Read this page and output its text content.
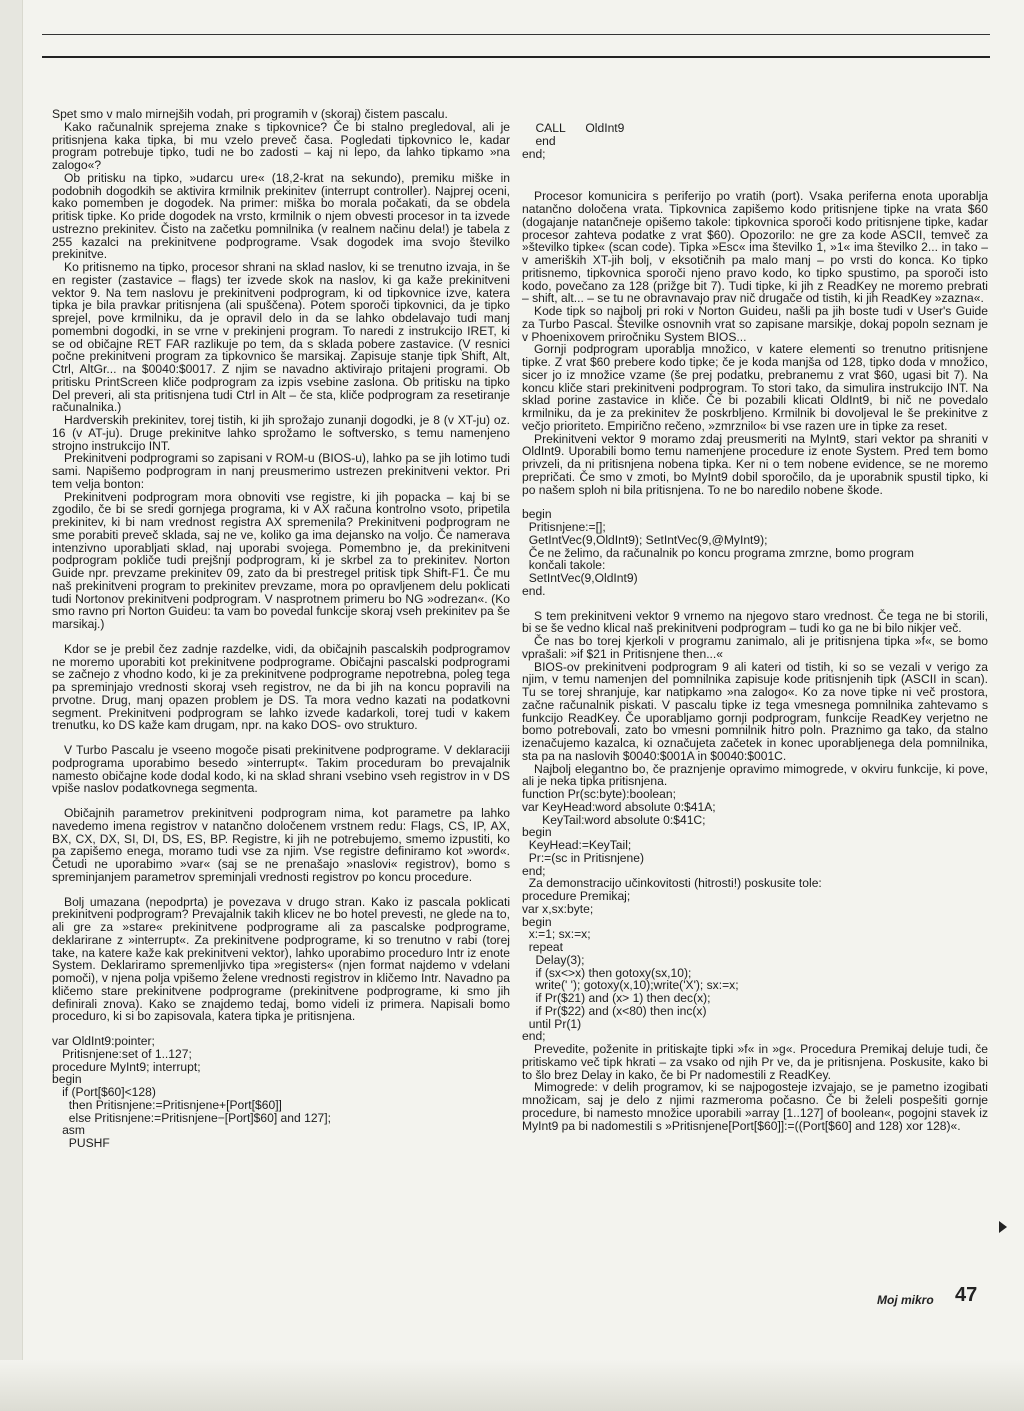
Spet smo v malo mirnejših vodah, pri programih v (skoraj) čistem pascalu.

Kako računalnik sprejema znake s tipkovnice? Če bi stalno pregledoval, ali je pritisnjena kaka tipka, bi mu vzelo preveč časa. Pogledati tipkovnico le, kadar program potrebuje tipko, tudi ne bo zadosti – kaj ni lepo, da lahko tipkamo »na zalogo«?

Ob pritisku na tipko, »udarcu ure« (18,2-krat na sekundo), premiku miške in podobnih dogodkih se aktivira krmilnik prekinitev (interrupt controller). Najprej oceni, kako pomemben je dogodek. Na primer: miška bo morala počakati, da se obdela pritisk tipke. Ko pride dogodek na vrsto, krmilnik o njem obvesti procesor in ta izvede ustrezno prekinitev. Čisto na začetku pomnilnika (v realnem načinu dela!) je tabela z 255 kazalci na prekinitvene podprograme. Vsak dogodek ima svojo številko prekinitve.

Ko pritisnemo na tipko, procesor shrani na sklad naslov, ki se trenutno izvaja, in še en register (zastavice – flags) ter izvede skok na naslov, ki ga kaže prekinitveni vektor 9. Na tem naslovu je prekinitveni podprogram, ki od tipkovnice izve, katera tipka je bila pravkar pritisnjena (ali spuščena). Potem sporoči tipkovnici, da je tipko sprejel, pove krmilniku, da je opravil delo in da se lahko obdelavajo tudi manj pomembni dogodki, in se vrne v prekinjeni program. To naredi z instrukcijo IRET, ki se od običajne RET FAR razlikuje po tem, da s sklada pobere zastavice. (V resnici počne prekinitveni program za tipkovnico še marsikaj. Zapisuje stanje tipk Shift, Alt, Ctrl, AltGr... na $0040:$0017. Z njim se navadno aktivirajo pritajeni programi. Ob pritisku PrintScreen kliče podprogram za izpis vsebine zaslona. Ob pritisku na tipko Del preveri, ali sta pritisnjena tudi Ctrl in Alt – če sta, kliče podprogram za resetiranje računalnika.)

Hardverskih prekinitev, torej tistih, ki jih sprožajo zunanji dogodki, je 8 (v XT-ju) oz. 16 (v AT-ju). Druge prekinitve lahko sprožamo le softversko, s temu namenjeno strojno instrukcijo INT.

Prekinitveni podprogrami so zapisani v ROM-u (BIOS-u), lahko pa se jih lotimo tudi sami. Napišemo podprogram in nanj preusmerimo ustrezen prekinitveni vektor. Pri tem velja bonton:

Prekinitveni podprogram mora obnoviti vse registre, ki jih popacka – kaj bi se zgodilo, če bi se sredi gornjega programa, ki v AX računa kontrolno vsoto, pripetila prekinitev, ki bi nam vrednost registra AX spremenila? Prekinitveni podprogram ne sme porabiti preveč sklada, saj ne ve, koliko ga ima dejansko na voljo. Če namerava intenzivno uporabljati sklad, naj uporabi svojega. Pomembno je, da prekinitveni podprogram pokliče tudi prejšnji podprogram, ki je skrbel za to prekinitev. Norton Guide npr. prevzame prekinitev 09, zato da bi prestregel pritisk tipk Shift-F1. Če mu naš prekinitveni program to prekinitev prevzame, mora po opravljenem delu poklicati tudi Nortonov prekinitveni podprogram. V nasprotnem primeru bo NG »odrezan«. (Ko smo ravno pri Norton Guideu: ta vam bo povedal funkcije skoraj vseh prekinitev pa še marsikaj.)

Kdor se je prebil čez zadnje razdelke, vidi, da običajnih pascalskih podprogramov ne moremo uporabiti kot prekinitvene podprograme. Običajni pascalski podprogrami se začnejo z vhodno kodo, ki je za prekinitvene podprograme nepotrebna, poleg tega pa spreminjajo vrednosti skoraj vseh registrov, ne da bi jih na koncu popravili na prvotne. Drug, manj opazen problem je DS. Ta mora vedno kazati na podatkovni segment. Prekinitveni podprogram se lahko izvede kadarkoli, torej tudi v kakem trenutku, ko DS kaže kam drugam, npr. na kako DOS- ovo strukturo.

V Turbo Pascalu je vseeno mogoče pisati prekinitvene podprograme. V deklaraciji podprograma uporabimo besedo »interrupt«. Takim proceduram bo prevajalnik namesto običajne kode dodal kodo, ki na sklad shrani vsebino vseh registrov in v DS vpiše naslov podatkovnega segmenta.

Običajnih parametrov prekinitveni podprogram nima, kot parametre pa lahko navedemo imena registrov v natančno določenem vrstnem redu: Flags, CS, IP, AX, BX, CX, DX, SI, DI, DS, ES, BP. Registre, ki jih ne potrebujemo, smemo izpustiti, ko pa zapišemo enega, moramo tudi vse za njim. Vse registre definiramo kot »word«. Četudi ne uporabimo »var« (saj se ne prenašajo »naslovi« registrov), bomo s spreminjanjem parametrov spreminjali vrednosti registrov po koncu procedure.

Bolj umazana (nepodprta) je povezava v drugo stran. Kako iz pascala poklicati prekinitveni podprogram? Prevajalnik takih klicev ne bo hotel prevesti, ne glede na to, ali gre za »stare« prekinitvene podprograme ali za pascalske podprograme, deklarirane z »interrupt«. Za prekinitvene podprograme, ki so trenutno v rabi (torej take, na katere kaže kak prekinitveni vektor), lahko uporabimo proceduro Intr iz enote System. Deklariramo spremenljivko tipa »registers« (njen format najdemo v vdelani pomoči), v njena polja vpišemo želene vrednosti registrov in kličemo Intr. Navadno pa kličemo stare prekinitvene podprograme (prekinitvene podprograme, ki smo jih definirali znova). Kako se znajdemo tedaj, bomo videli iz primera. Napisali bomo proceduro, ki si bo zapisovala, katera tipka je pritisnjena.

var OldInt9:pointer;
Pritisnjene:set of 1..127;
procedure MyInt9; interrupt;
begin
if (Port[$60]<128)
then Pritisnjene:=Pritisnjene+[Port[$60]]
else Pritisnjene:=Pritisnjene−[Port]$60] and 127];
asm
PUSHF
CALL      OldInt9
end
end;

Procesor komunicira s periferijo po vratih (port). Vsaka periferna enota uporablja natančno določena vrata. Tipkovnica zapišemo kodo pritisnjene tipke na vrata $60 (dogajanje natančneje opišemo takole: tipkovnica sporoči kodo pritisnjene tipke, kadar procesor zahteva podatke z vrat $60). Opozorilo: ne gre za kode ASCII, temveč za »številko tipke« (scan code). Tipka »Esc« ima številko 1, »1« ima številko 2... in tako – v ameriških XT-jih bolj, v eksotičnih pa malo manj – po vrsti do konca. Ko tipko pritisnemo, tipkovnica sporoči njeno pravo kodo, ko tipko spustimo, pa sporoči isto kodo, povečano za 128 (prižge bit 7). Tudi tipke, ki jih z ReadKey ne moremo prebrati – shift, alt... – se tu ne obravnavajo prav nič drugače od tistih, ki jih ReadKey »zazna«.

Kode tipk so najbolj pri roki v Norton Guideu, našli pa jih boste tudi v User's Guide za Turbo Pascal. Številke osnovnih vrat so zapisane marsikje, dokaj popoln seznam je v Phoenixovem priročniku System BIOS...

Gornji podprogram uporablja množico, v katere elementi so trenutno pritisnjene tipke. Z vrat $60 prebere kodo tipke; če je koda manjša od 128, tipko doda v množico, sicer jo iz množice vzame (še prej podatku, prebranemu z vrat $60, ugasi bit 7). Na koncu kliče stari prekinitveni podprogram. To stori tako, da simulira instrukcijo INT. Na sklad porine zastavice in kliče. Če bi pozabili klicati OldInt9, bi nič ne povedalo krmilniku, da je za prekinitev že poskrbljeno. Krmilnik bi dovoljeval le še prekinitve z večjo prioriteto. Empirično rečeno, »zmrznilo« bi vse razen ure in tipke za reset.

Prekinitveni vektor 9 moramo zdaj preusmeriti na MyInt9, stari vektor pa shraniti v OldInt9. Uporabili bomo temu namenjene procedure iz enote System. Pred tem bomo privzeli, da ni pritisnjena nobena tipka. Ker ni o tem nobene evidence, se ne moremo prepričati. Če smo v zmoti, bo MyInt9 dobil sporočilo, da je uporabnik spustil tipko, ki po našem sploh ni bila pritisnjena. To ne bo naredilo nobene škode.

begin
Pritisnjene:=[];
GetIntVec(9,OldInt9); SetIntVec(9,@MyInt9);
Če ne želimo, da računalnik po koncu programa zmrzne, bomo program
končali takole:
SetIntVec(9,OldInt9)
end.

S tem prekinitveni vektor 9 vrnemo na njegovo staro vrednost. Če tega ne bi storili, bi se še vedno klical naš prekinitveni podprogram – tudi ko ga ne bi bilo nikjer več.

Če nas bo torej kjerkoli v programu zanimalo, ali je pritisnjena tipka »f«, se bomo vprašali: »if $21 in Pritisnjene then...«

BIOS-ov prekinitveni podprogram 9 ali kateri od tistih, ki so se vezali v verigo za njim, v temu namenjen del pomnilnika zapisuje kode pritisnjenih tipk (ASCII in scan). Tu se torej shranjuje, kar natipkamo »na zalogo«. Ko za nove tipke ni več prostora, začne računalnik piskati. V pascalu tipke iz tega vmesnega pomnilnika zahtevamo s funkcijo ReadKey. Če uporabljamo gornji podprogram, funkcije ReadKey verjetno ne bomo potrebovali, zato bo vmesni pomnilnik hitro poln. Praznimo ga tako, da stalno izenačujemo kazalca, ki označujeta začetek in konec uporabljenega dela pomnilnika, sta pa na naslovih $0040:$001A in $0040:$001C.

Najbolj elegantno bo, če praznjenje opravimo mimogrede, v okviru funkcije, ki pove, ali je neka tipka pritisnjena.

function Pr(sc:byte):boolean;
var KeyHead:word absolute 0:$41A;
KeyTail:word absolute 0:$41C;
begin
KeyHead:=KeyTail;
Pr:=(sc in Pritisnjene)
end;
Za demonstracijo učinkovitosti (hitrosti!) poskusite tole:
procedure Premikaj;
var x,sx:byte;
begin
x:=1; sx:=x;
repeat
Delay(3);
if (sx<>x) then gotoxy(sx,10);
write(' '); gotoxy(x,10);write('X'); sx:=x;
if Pr($21) and (x> 1) then dec(x);
if Pr($22) and (x<80) then inc(x)
until Pr(1)
end;

Prevedite, poženite in pritiskajte tipki »f« in »g«. Procedura Premikaj deluje tudi, če pritiskamo več tipk hkrati – za vsako od njih Pr ve, da je pritisnjena. Poskusite, kako bi to šlo brez Delay in kako, če bi Pr nadomestili z ReadKey.

Mimogrede: v delih programov, ki se najpogosteje izvajajo, se je pametno izogibati množicam, saj je delo z njimi razmeroma počasno. Če bi želeli pospešiti gornje procedure, bi namesto množice uporabili »array [1..127] of boolean«, pogojni stavek iz MyInt9 pa bi nadomestili s »Pritisnjene[Port[$60]]:=((Port[$60] and 128) xor 128)«.

Moj mikro 47
